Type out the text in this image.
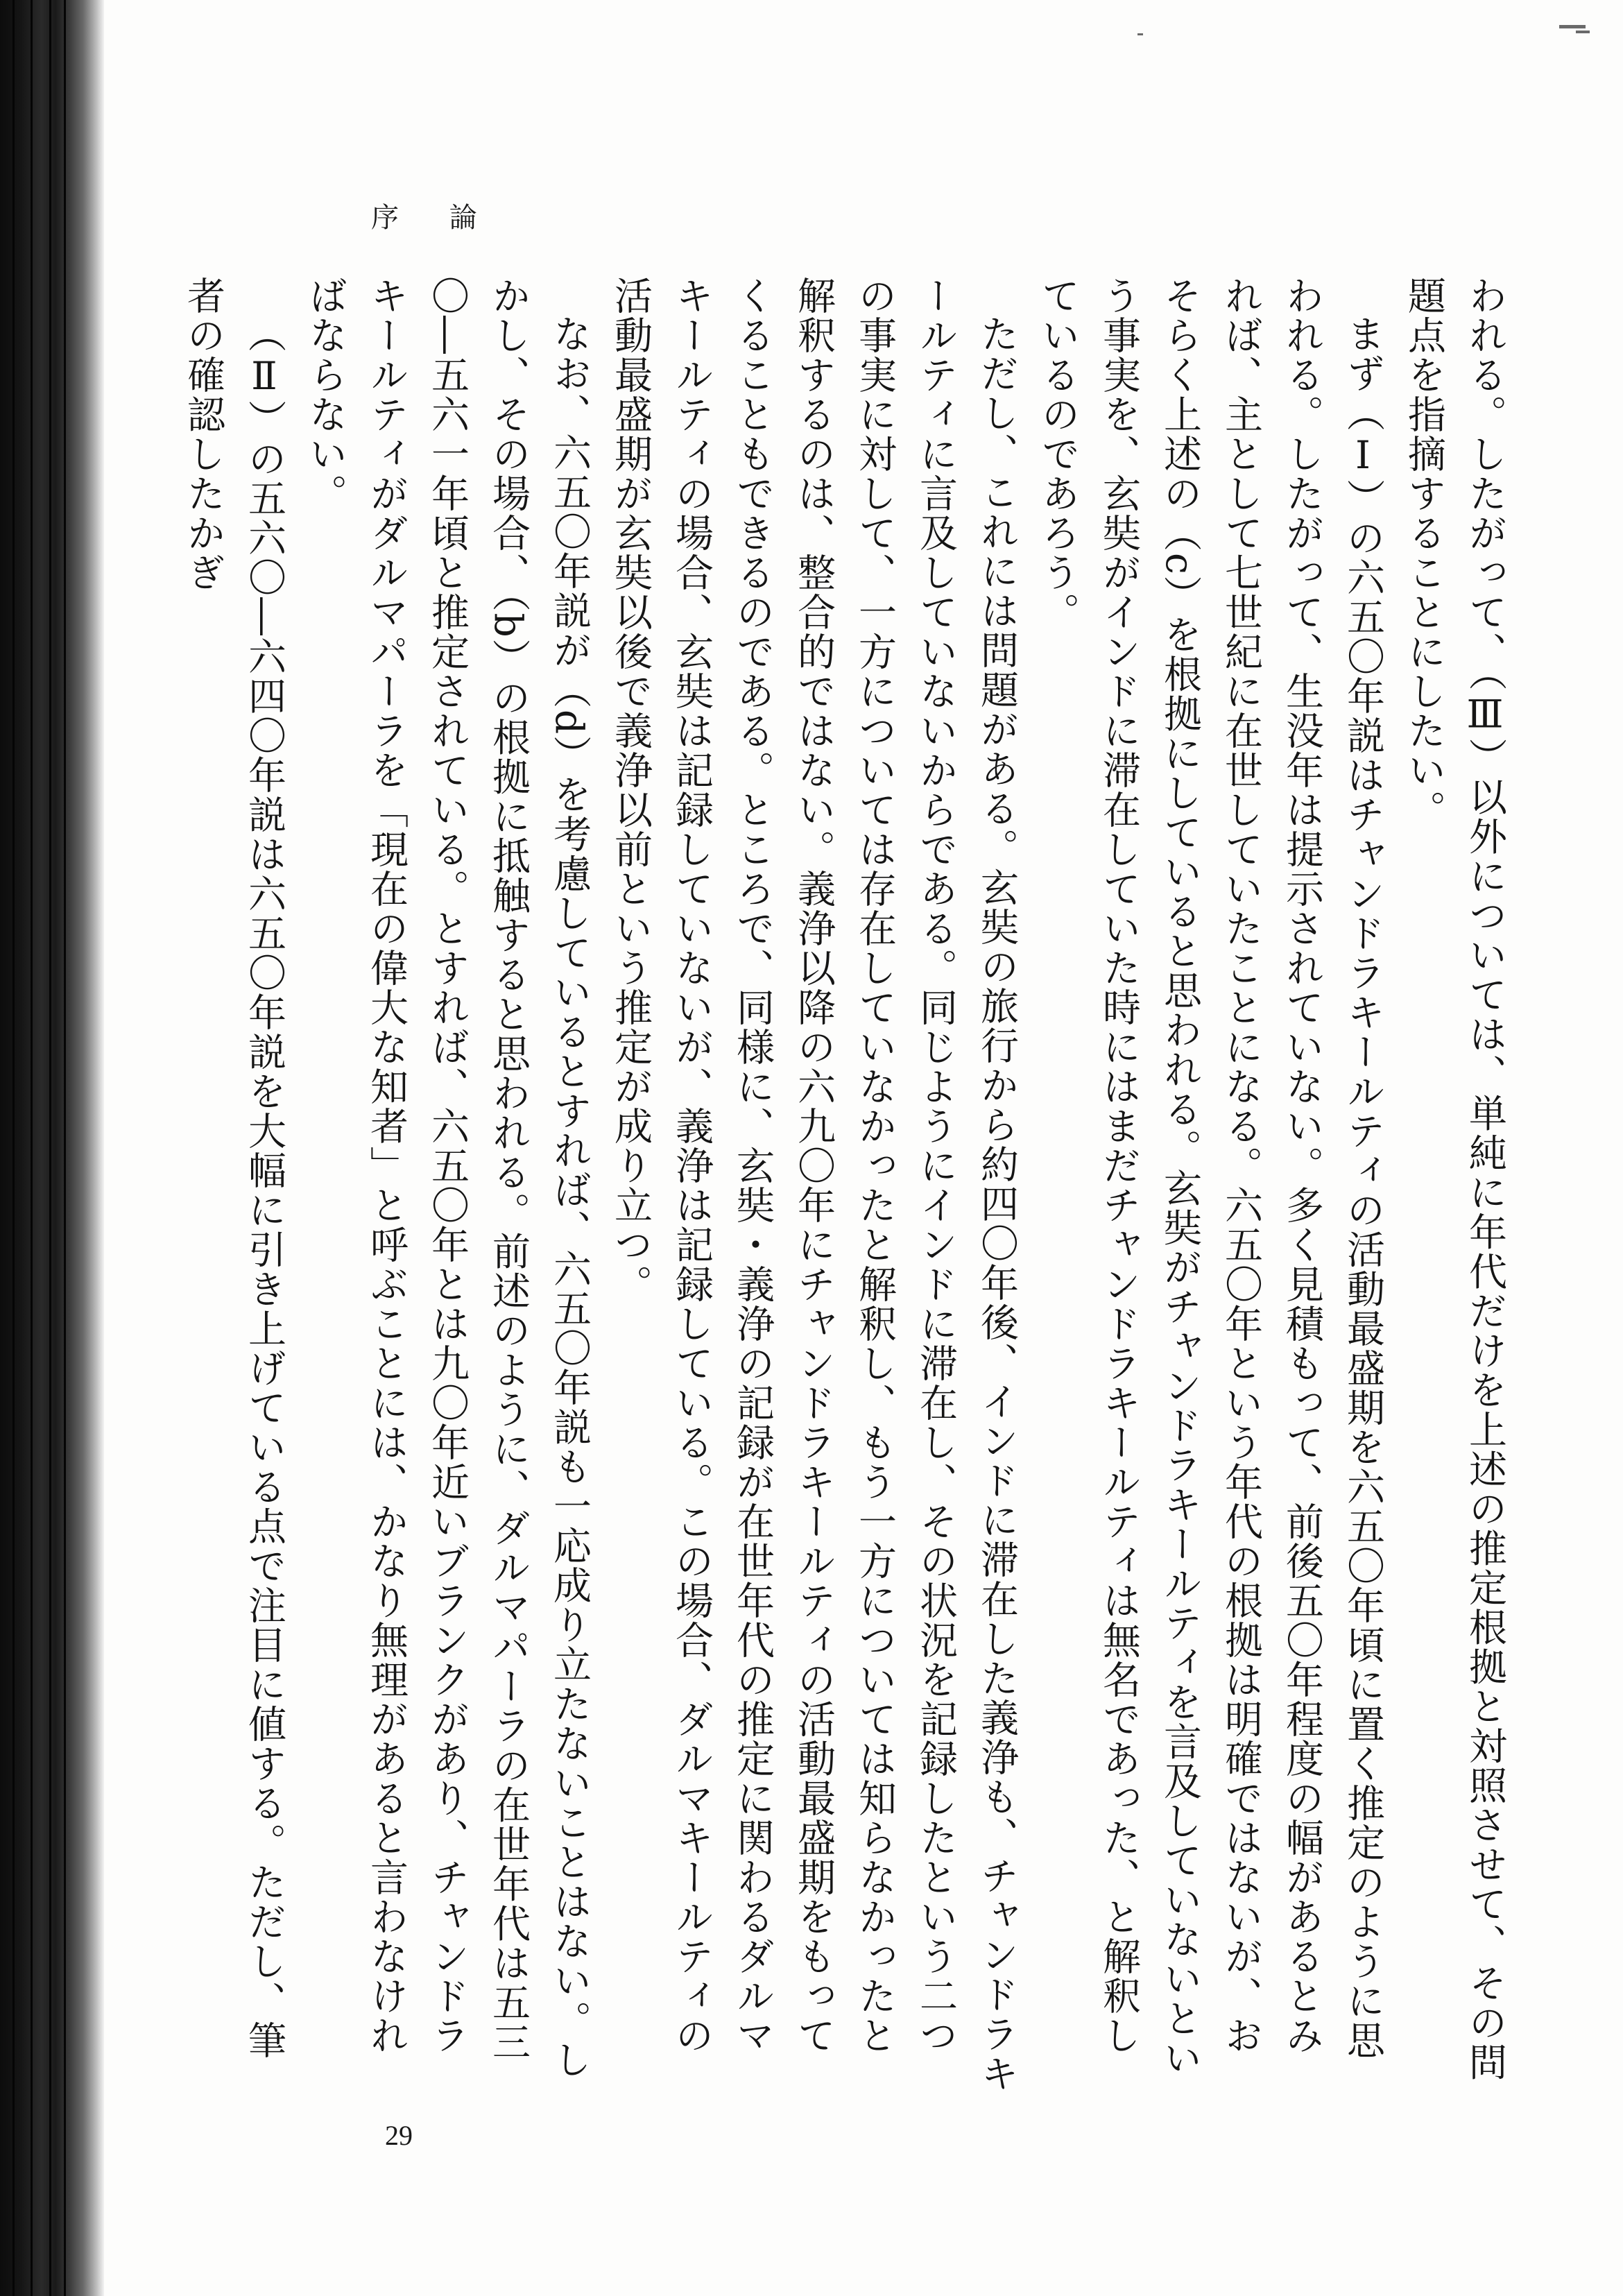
序 論

われる。したがって、（Ⅲ）以外については、単純に年代だけを上述の推定根拠と対照させて、その問題点を指摘することにしたい。

まず（Ⅰ）の六五〇年説はチャンドラキールティの活動最盛期を六五〇年頃に置く推定のように思われる。したがって、生没年は提示されていない。多く見積もって、前後五〇年程度の幅があるとみれば、主として七世紀に在世していたことになる。六五〇年という年代の根拠は明確ではないが、おそらく上述の（c）を根拠にしていると思われる。玄奘がチャンドラキールティを言及していないという事実を、玄奘がインドに滞在していた時にはまだチャンドラキールティは無名であった、と解釈しているのであろう。

ただし、これには問題がある。玄奘の旅行から約四〇年後、インドに滞在した義浄も、チャンドラキールティに言及していないからである。同じようにインドに滞在し、その状況を記録したという二つの事実に対して、一方については存在していなかったと解釈し、もう一方については知らなかったと解釈するのは、整合的ではない。義浄以降の六九〇年にチャンドラキールティの活動最盛期をもってくることもできるのである。ところで、同様に、玄奘・義浄の記録が在世年代の推定に関わるダルマキールティの場合、玄奘は記録していないが、義浄は記録している。この場合、ダルマキールティの活動最盛期が玄奘以後で義浄以前という推定が成り立つ。

なお、六五〇年説が（d）を考慮しているとすれば、六五〇年説も一応成り立たないことはない。しかし、その場合、（b）の根拠に抵触すると思われる。前述のように、ダルマパーラの在世年代は五三〇―五六一年頃と推定されている。とすれば、六五〇年とは九〇年近いブランクがあり、チャンドラキールティがダルマパーラを「現在の偉大な知者」と呼ぶことには、かなり無理があると言わなければならない。

（Ⅱ）の五六〇―六四〇年説は六五〇年説を大幅に引き上げている点で注目に値する。ただし、筆者の確認したかぎ

29
